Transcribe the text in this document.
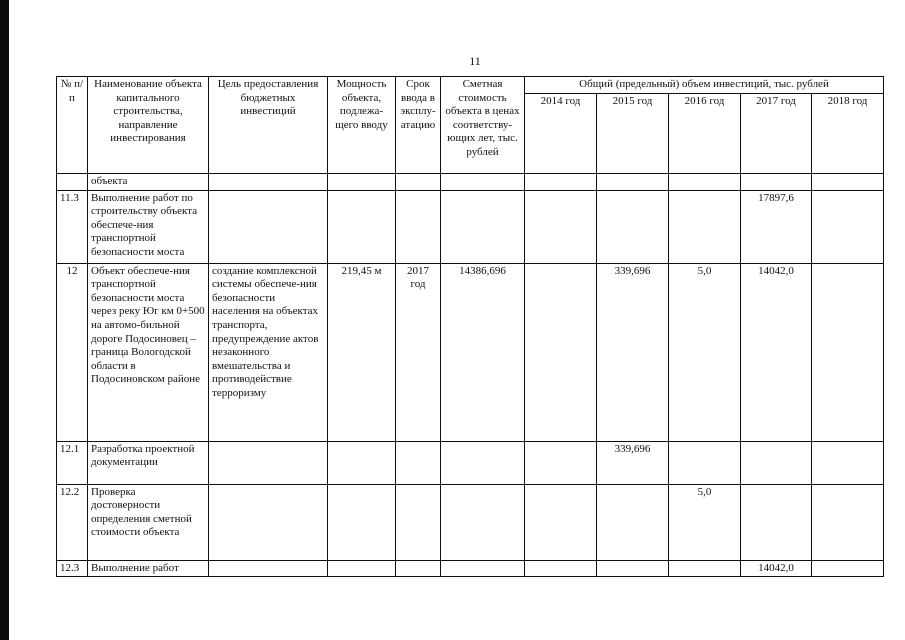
11
№ п/п	Наименование объекта капитального строительства, направление инвестирования	Цель предоставления бюджетных инвестиций	Мощность объекта, подлежа-щего вводу	Срок ввода в эксплу-атацию	Сметная стоимость объекта в ценах соответству-ющих лет, тыс. рублей	Общий (предельный) объем инвестиций, тыс. рублей				
						2014 год	2015 год	2016 год	2017 год	2018 год
	объекта									
11.3	Выполнение работ по строительству объекта обеспече-ния транспортной безопасности моста								17897,6	
12	Объект обеспече-ния транспортной безопасности моста через реку Юг км 0+500 на автомо-бильной дороге Подосиновец – граница Вологодской области в Подосиновском районе	создание комплексной системы обеспече-ния безопасности населения на объектах транспорта, предупреждение актов незаконного вмешательства и противодействие терроризму	219,45 м	2017 год	14386,696		339,696	5,0	14042,0	
12.1	Разработка проектной документации						339,696			
12.2	Проверка достоверности определения сметной стоимости объекта							5,0		
12.3	Выполнение работ								14042,0	
